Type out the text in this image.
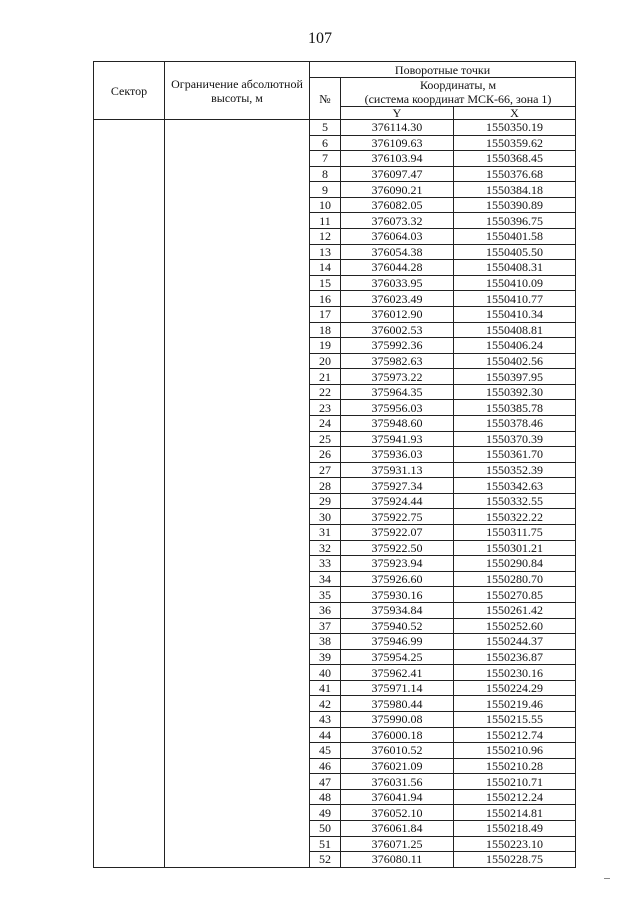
107
Сектор	Ограничение абсолютной высоты, м	Поворотные точки		
		№	Координаты, м
(система координат МСК-66, зона 1)	
			Y	X
		5	376114.30	1550350.19
		6	376109.63	1550359.62
		7	376103.94	1550368.45
		8	376097.47	1550376.68
		9	376090.21	1550384.18
		10	376082.05	1550390.89
		11	376073.32	1550396.75
		12	376064.03	1550401.58
		13	376054.38	1550405.50
		14	376044.28	1550408.31
		15	376033.95	1550410.09
		16	376023.49	1550410.77
		17	376012.90	1550410.34
		18	376002.53	1550408.81
		19	375992.36	1550406.24
		20	375982.63	1550402.56
		21	375973.22	1550397.95
		22	375964.35	1550392.30
		23	375956.03	1550385.78
		24	375948.60	1550378.46
		25	375941.93	1550370.39
		26	375936.03	1550361.70
		27	375931.13	1550352.39
		28	375927.34	1550342.63
		29	375924.44	1550332.55
		30	375922.75	1550322.22
		31	375922.07	1550311.75
		32	375922.50	1550301.21
		33	375923.94	1550290.84
		34	375926.60	1550280.70
		35	375930.16	1550270.85
		36	375934.84	1550261.42
		37	375940.52	1550252.60
		38	375946.99	1550244.37
		39	375954.25	1550236.87
		40	375962.41	1550230.16
		41	375971.14	1550224.29
		42	375980.44	1550219.46
		43	375990.08	1550215.55
		44	376000.18	1550212.74
		45	376010.52	1550210.96
		46	376021.09	1550210.28
		47	376031.56	1550210.71
		48	376041.94	1550212.24
		49	376052.10	1550214.81
		50	376061.84	1550218.49
		51	376071.25	1550223.10
		52	376080.11	1550228.75
